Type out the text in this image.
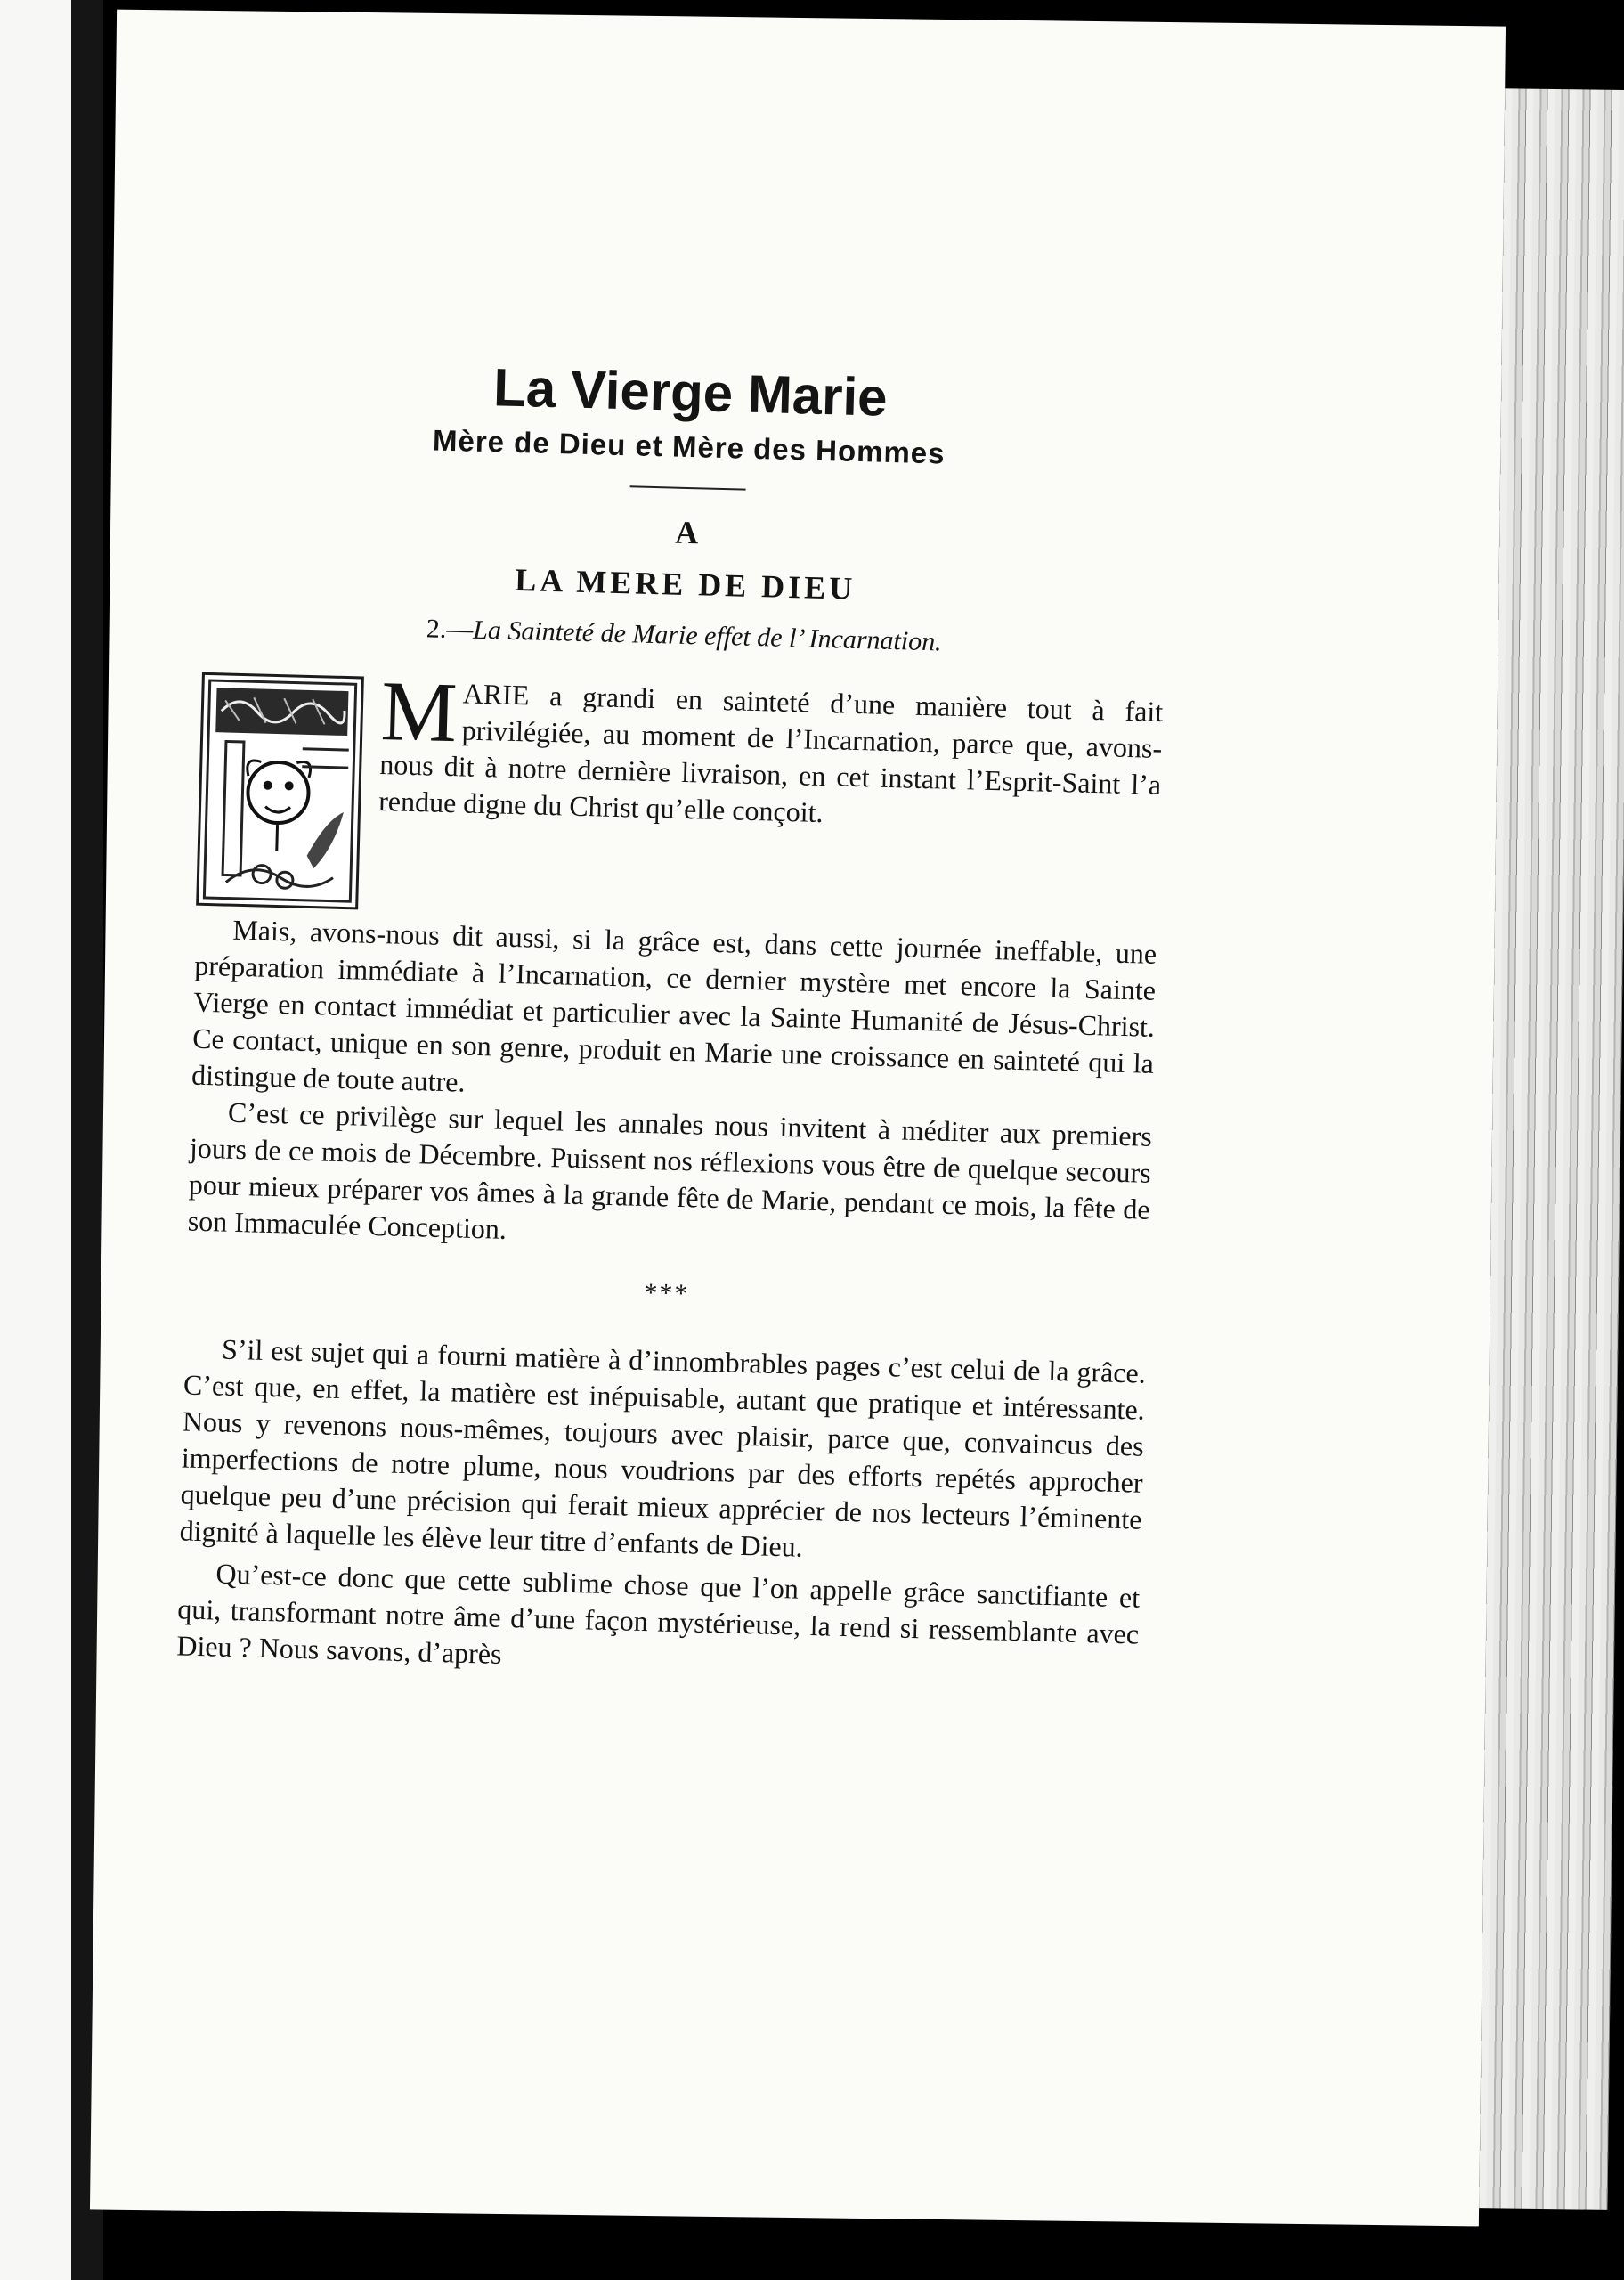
La Vierge Marie
Mère de Dieu et Mère des Hommes
A
LA MERE DE DIEU
2.—La Sainteté de Marie effet de l’ Incarnation.
M ARIE a grandi en sainteté d’une manière tout à fait privilégiée, au moment de l’Incarnation, parce que, avons-nous dit à notre dernière livraison, en cet instant l’Esprit-Saint l’a rendue digne du Christ qu’elle conçoit.

Mais, avons-nous dit aussi, si la grâce est, dans cette journée ineffable, une préparation immédiate à l’Incarnation, ce dernier mystère met encore la Sainte Vierge en contact immédiat et particulier avec la Sainte Humanité de Jésus-Christ. Ce contact, unique en son genre, produit en Marie une croissance en sainteté qui la distingue de toute autre.

C’est ce privilège sur lequel les annales nous invitent à méditer aux premiers jours de ce mois de Décembre. Puissent nos réflexions vous être de quelque secours pour mieux préparer vos âmes à la grande fête de Marie, pendant ce mois, la fête de son Immaculée Conception.

***

S’il est sujet qui a fourni matière à d’innombrables pages c’est celui de la grâce. C’est que, en effet, la matière est inépuisable, autant que pratique et intéressante. Nous y revenons nous-mêmes, toujours avec plaisir, parce que, convaincus des imperfections de notre plume, nous voudrions par des efforts repétés approcher quelque peu d’une précision qui ferait mieux apprécier de nos lecteurs l’éminente dignité à laquelle les élève leur titre d’enfants de Dieu.

Qu’est-ce donc que cette sublime chose que l’on appelle grâce sanctifiante et qui, transformant notre âme d’une façon mystérieuse, la rend si ressemblante avec Dieu ? Nous savons, d’après
